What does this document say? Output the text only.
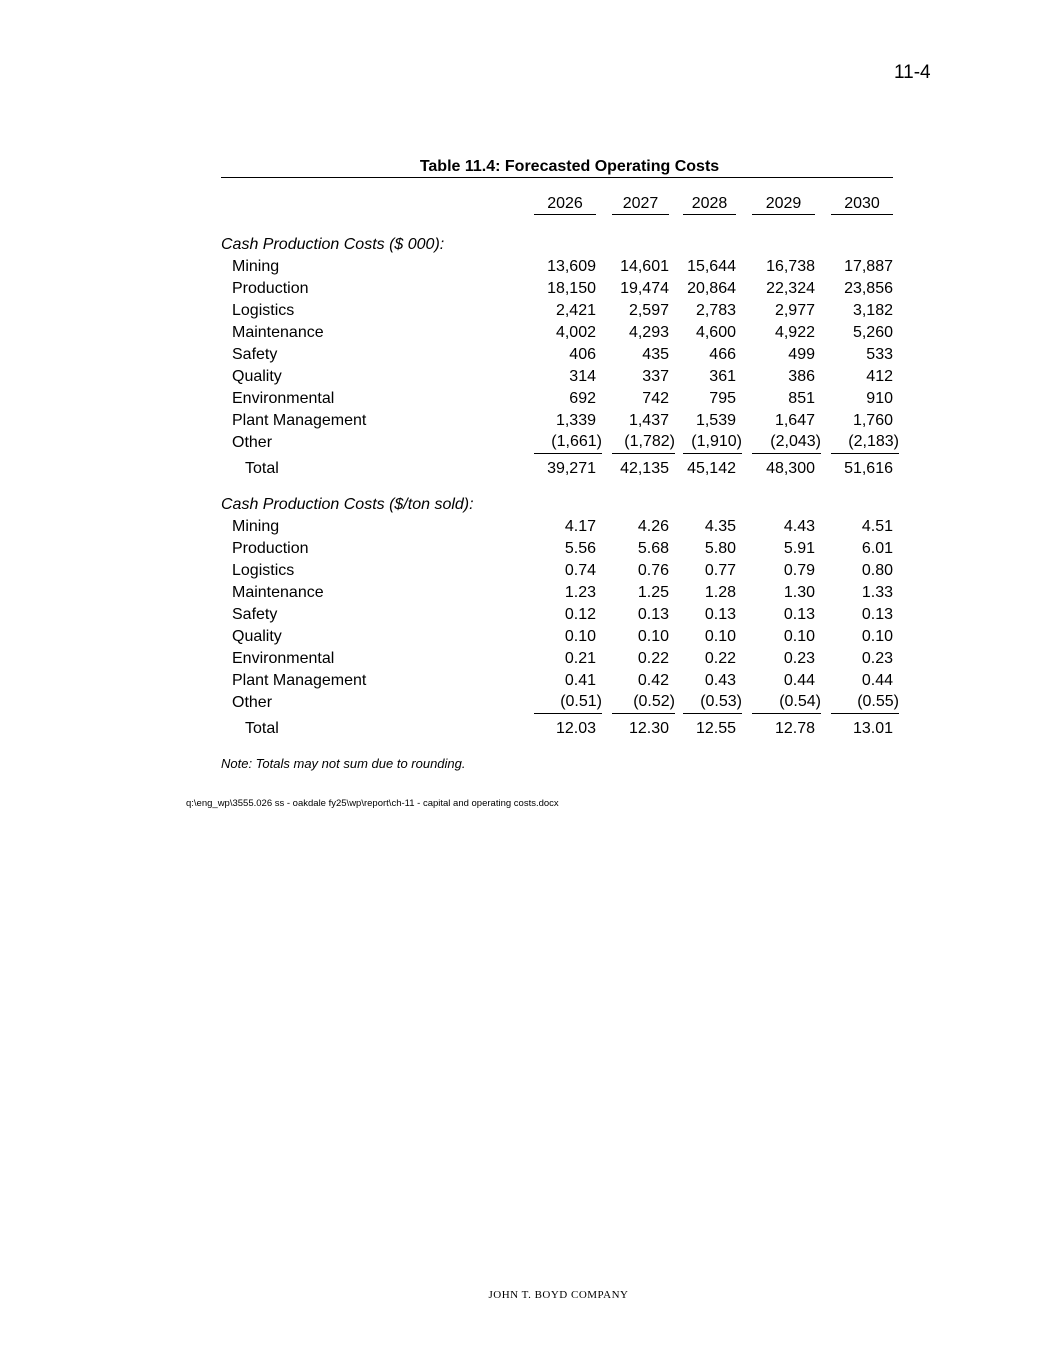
11-4
Table 11.4: Forecasted Operating Costs
2026	2027	2028	2029	2030
Cash Production Costs ($ 000):
Mining	13,609	14,601 15,644	16,738	17,887
Production	18,150	19,474 20,864	22,324	23,856
Logistics	2,421	2,597	2,783	2,977	3,182
Maintenance	4,002	4,293	4,600	4,922	5,260
Safety	406	435	466	499	533
Quality	314	337	361	386	412
Environmental	692	742	795	851	910
Plant Management	1,339	1,437	1,539	1,647	1,760
Other	(1,661)	(1,782)	(1,910)	(2,043)	(2,183)
Total	39,271	42,135 45,142	48,300	51,616
Cash Production Costs ($/ton sold):
Mining	4.17	4.26	4.35	4.43	4.51
Production	5.56	5.68	5.80	5.91	6.01
Logistics	0.74	0.76	0.77	0.79	0.80
Maintenance	1.23	1.25	1.28	1.30	1.33
Safety	0.12	0.13	0.13	0.13	0.13
Quality	0.10	0.10	0.10	0.10	0.10
Environmental	0.21	0.22	0.22	0.23	0.23
Plant Management	0.41	0.42	0.43	0.44	0.44
Other	(0.51)	(0.52)	(0.53)	(0.54)	(0.55)
Total	12.03	12.30	12.55	12.78	13.01
Note: Totals may not sum due to rounding.
q:\eng_wp\3555.026 ss - oakdale fy25\wp\report\ch-11 - capital and operating costs.docx
JOHN T. BOYD COMPANY
